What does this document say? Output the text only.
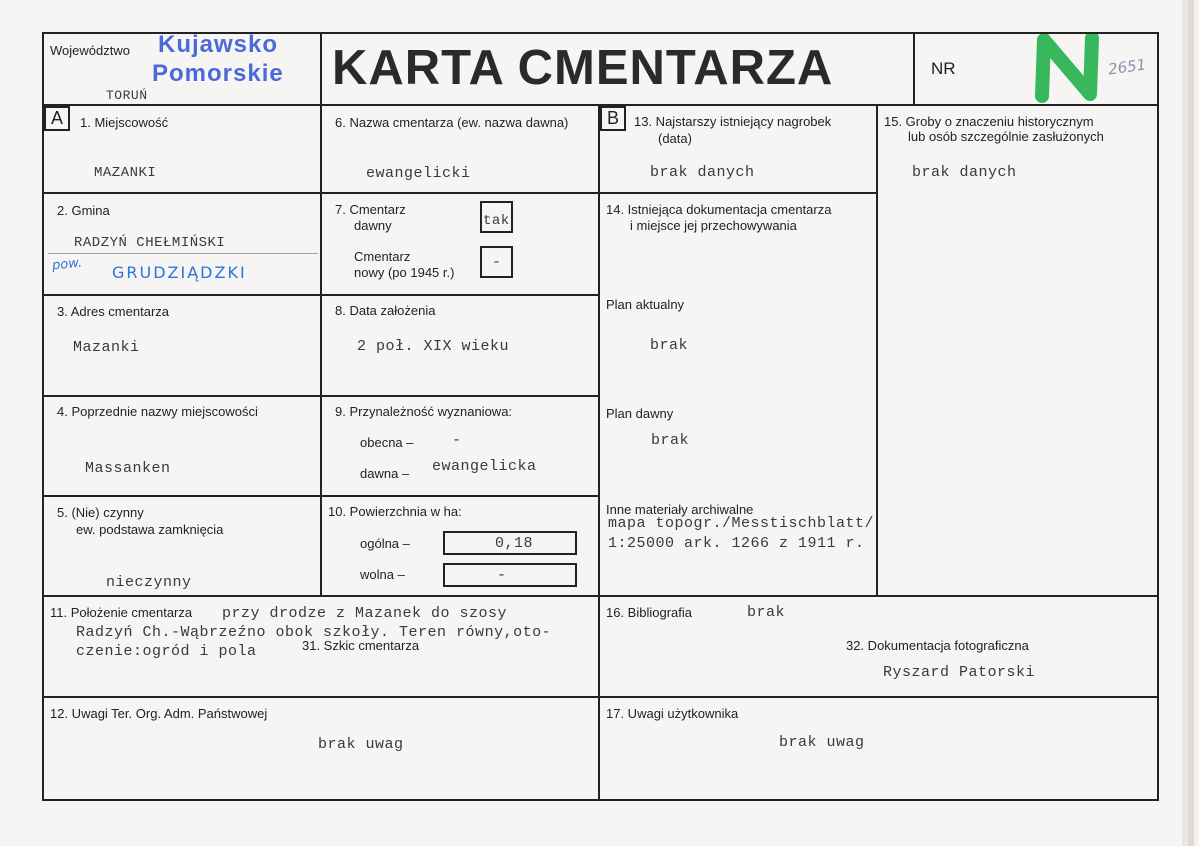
Województwo Kujawsko
Pomorskie
TORUŃ
KARTA CMENTARZA	NR	2651
A	B
1. Miejscowość
MAZANKI
6. Nazwa cmentarza (ew. nazwa dawna)
ewangelicki
13. Najstarszy istniejący nagrobek
(data)
brak danych
15. Groby o znaczeniu historycznym
lub osób szczególnie zasłużonych
brak danych
2. Gmina
RADZYŃ CHEŁMIŃSKI
pow. GRUDZIĄDZKI
7. Cmentarz
dawny	tak
Cmentarz
nowy (po 1945 r.)
-
14. Istniejąca dokumentacja cmentarza
i miejsce jej przechowywania
Plan aktualny
brak
Plan dawny
brak
Inne materiały archiwalne
mapa topogr./Messtischblatt/
1:25000 ark. 1266 z 1911 r.
3. Adres cmentarza
Mazanki
8. Data założenia
2 poł. XIX wieku
4. Poprzednie nazwy miejscowości
Massanken
9. Przynależność wyznaniowa:
obecna –	-
dawna – ewangelicka
5. (Nie) czynny
ew. podstawa zamknięcia
nieczynny
10. Powierzchnia w ha:
ogólna –	0,18
wolna –	-
11. Położenie cmentarza przy drodze z Mazanek do szosy
Radzyń Ch.-Wąbrzeźno obok szkoły. Teren równy,oto-
czenie:ogród i pola	31. Szkic cmentarza
16. Bibliografia	brak
32. Dokumentacja fotograficzna
Ryszard Patorski
12. Uwagi Ter. Org. Adm. Państwowej
brak uwag
17. Uwagi użytkownika
brak uwag
